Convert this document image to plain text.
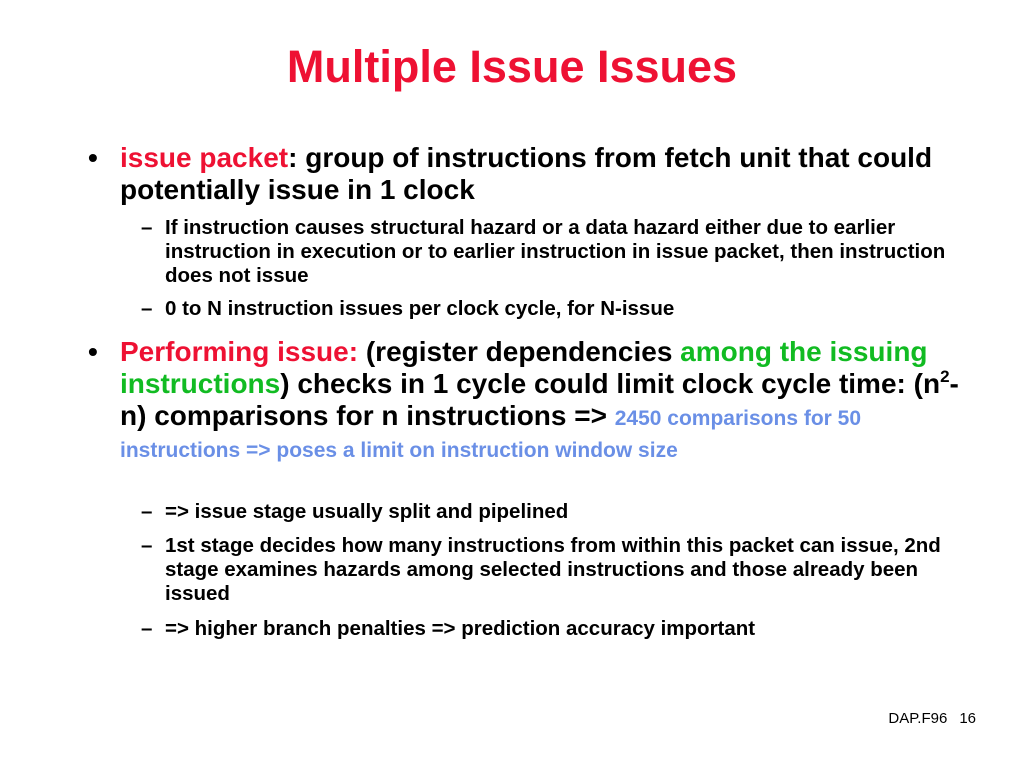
Multiple Issue Issues
• issue packet: group of instructions from fetch unit that could potentially issue in 1 clock
– If instruction causes structural hazard or a data hazard either due to earlier instruction in execution or to earlier instruction in issue packet, then instruction does not issue
– 0 to N instruction issues per clock cycle, for N-issue
• Performing issue: (register dependencies among the issuing instructions) checks in 1 cycle could limit clock cycle time: $(n^2-n)$ comparisons for n instructions => 2450 comparisons for 50 instructions => poses a limit on instruction window size
– => issue stage usually split and pipelined
– 1st stage decides how many instructions from within this packet can issue, 2nd stage examines hazards among selected instructions and those already been issued
– => higher branch penalties => prediction accuracy important
DAP.F96 16
